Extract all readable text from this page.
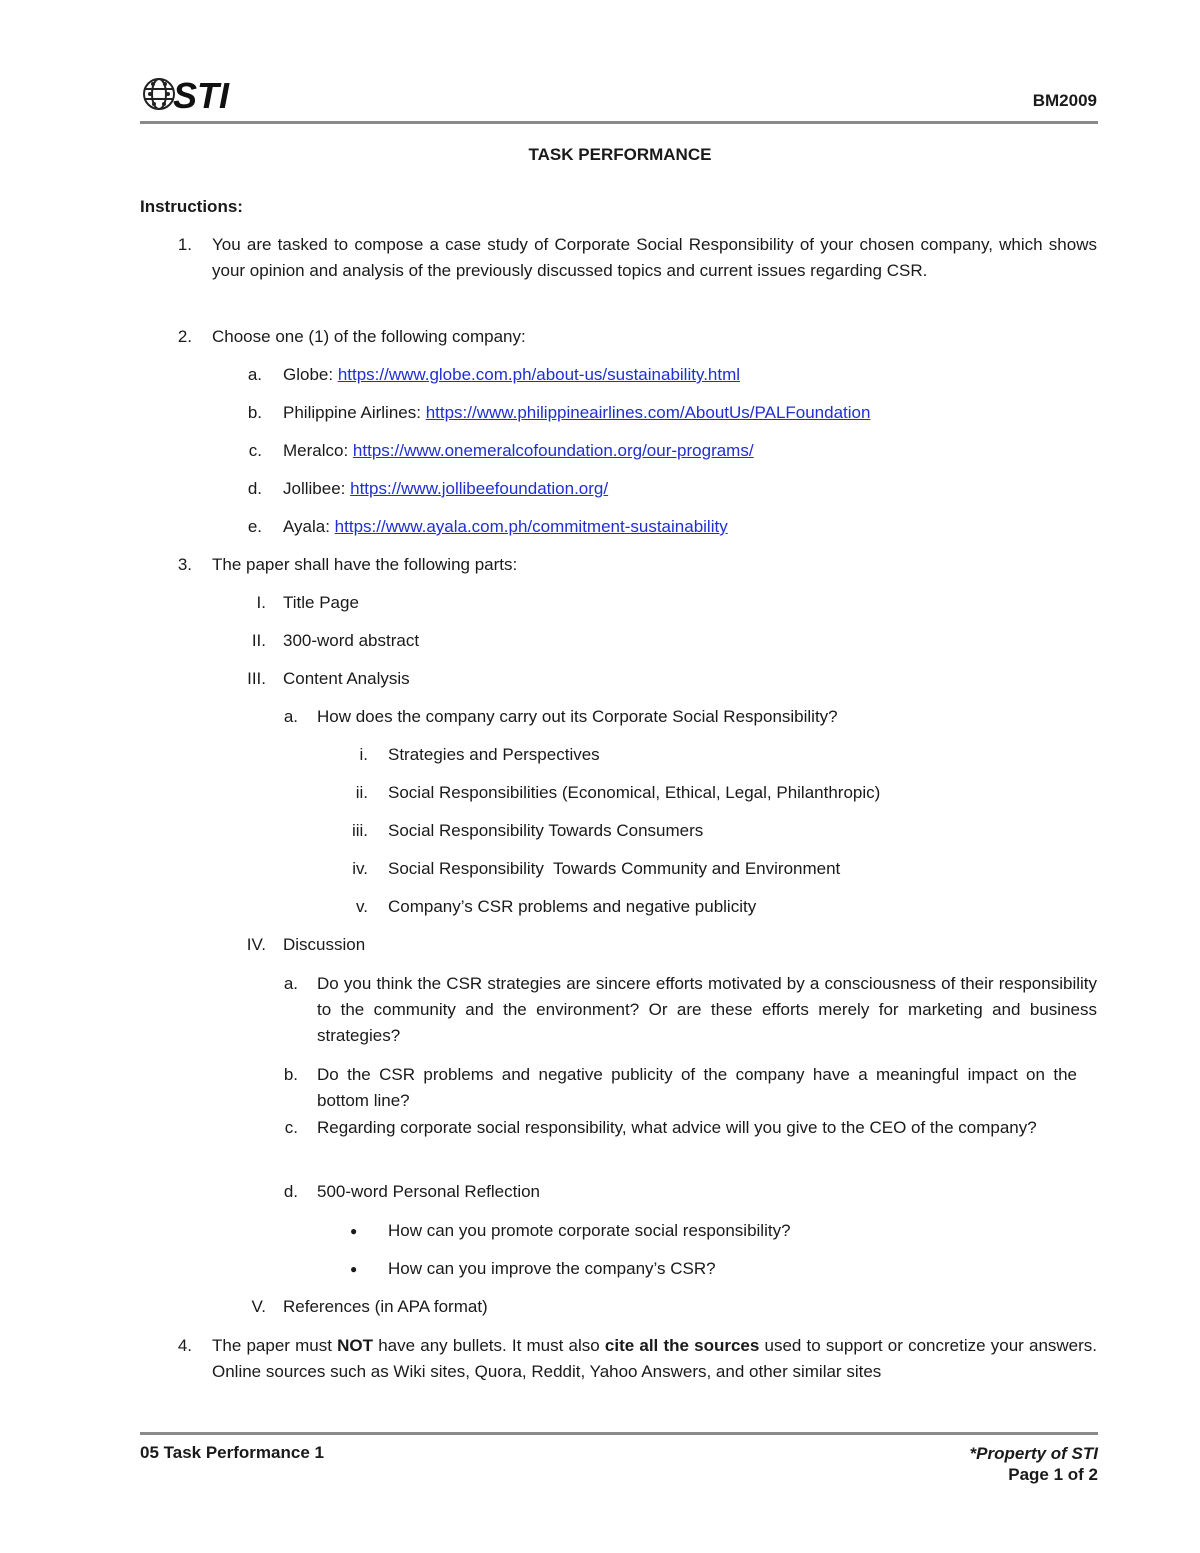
STI	BM2009
TASK PERFORMANCE
Instructions:
1. You are tasked to compose a case study of Corporate Social Responsibility of your chosen company, which shows your opinion and analysis of the previously discussed topics and current issues regarding CSR.
2. Choose one (1) of the following company:
a. Globe: https://www.globe.com.ph/about-us/sustainability.html
b. Philippine Airlines: https://www.philippineairlines.com/AboutUs/PALFoundation
c. Meralco: https://www.onemeralcofoundation.org/our-programs/
d. Jollibee: https://www.jollibeefoundation.org/
e. Ayala: https://www.ayala.com.ph/commitment-sustainability
3. The paper shall have the following parts:
I. Title Page
II. 300-word abstract
III. Content Analysis
a. How does the company carry out its Corporate Social Responsibility?
i. Strategies and Perspectives
ii. Social Responsibilities (Economical, Ethical, Legal, Philanthropic)
iii. Social Responsibility Towards Consumers
iv. Social Responsibility  Towards Community and Environment
v. Company’s CSR problems and negative publicity
IV. Discussion
a. Do you think the CSR strategies are sincere efforts motivated by a consciousness of their responsibility to the community and the environment? Or are these efforts merely for marketing and business strategies?
b. Do the CSR problems and negative publicity of the company have a meaningful impact on the bottom line?
c. Regarding corporate social responsibility, what advice will you give to the CEO of the company?
d. 500-word Personal Reflection
● How can you promote corporate social responsibility?
● How can you improve the company’s CSR?
V. References (in APA format)
4. The paper must NOT have any bullets. It must also cite all the sources used to support or concretize your answers. Online sources such as Wiki sites, Quora, Reddit, Yahoo Answers, and other similar sites
05 Task Performance 1	*Property of STI
Page 1 of 2
